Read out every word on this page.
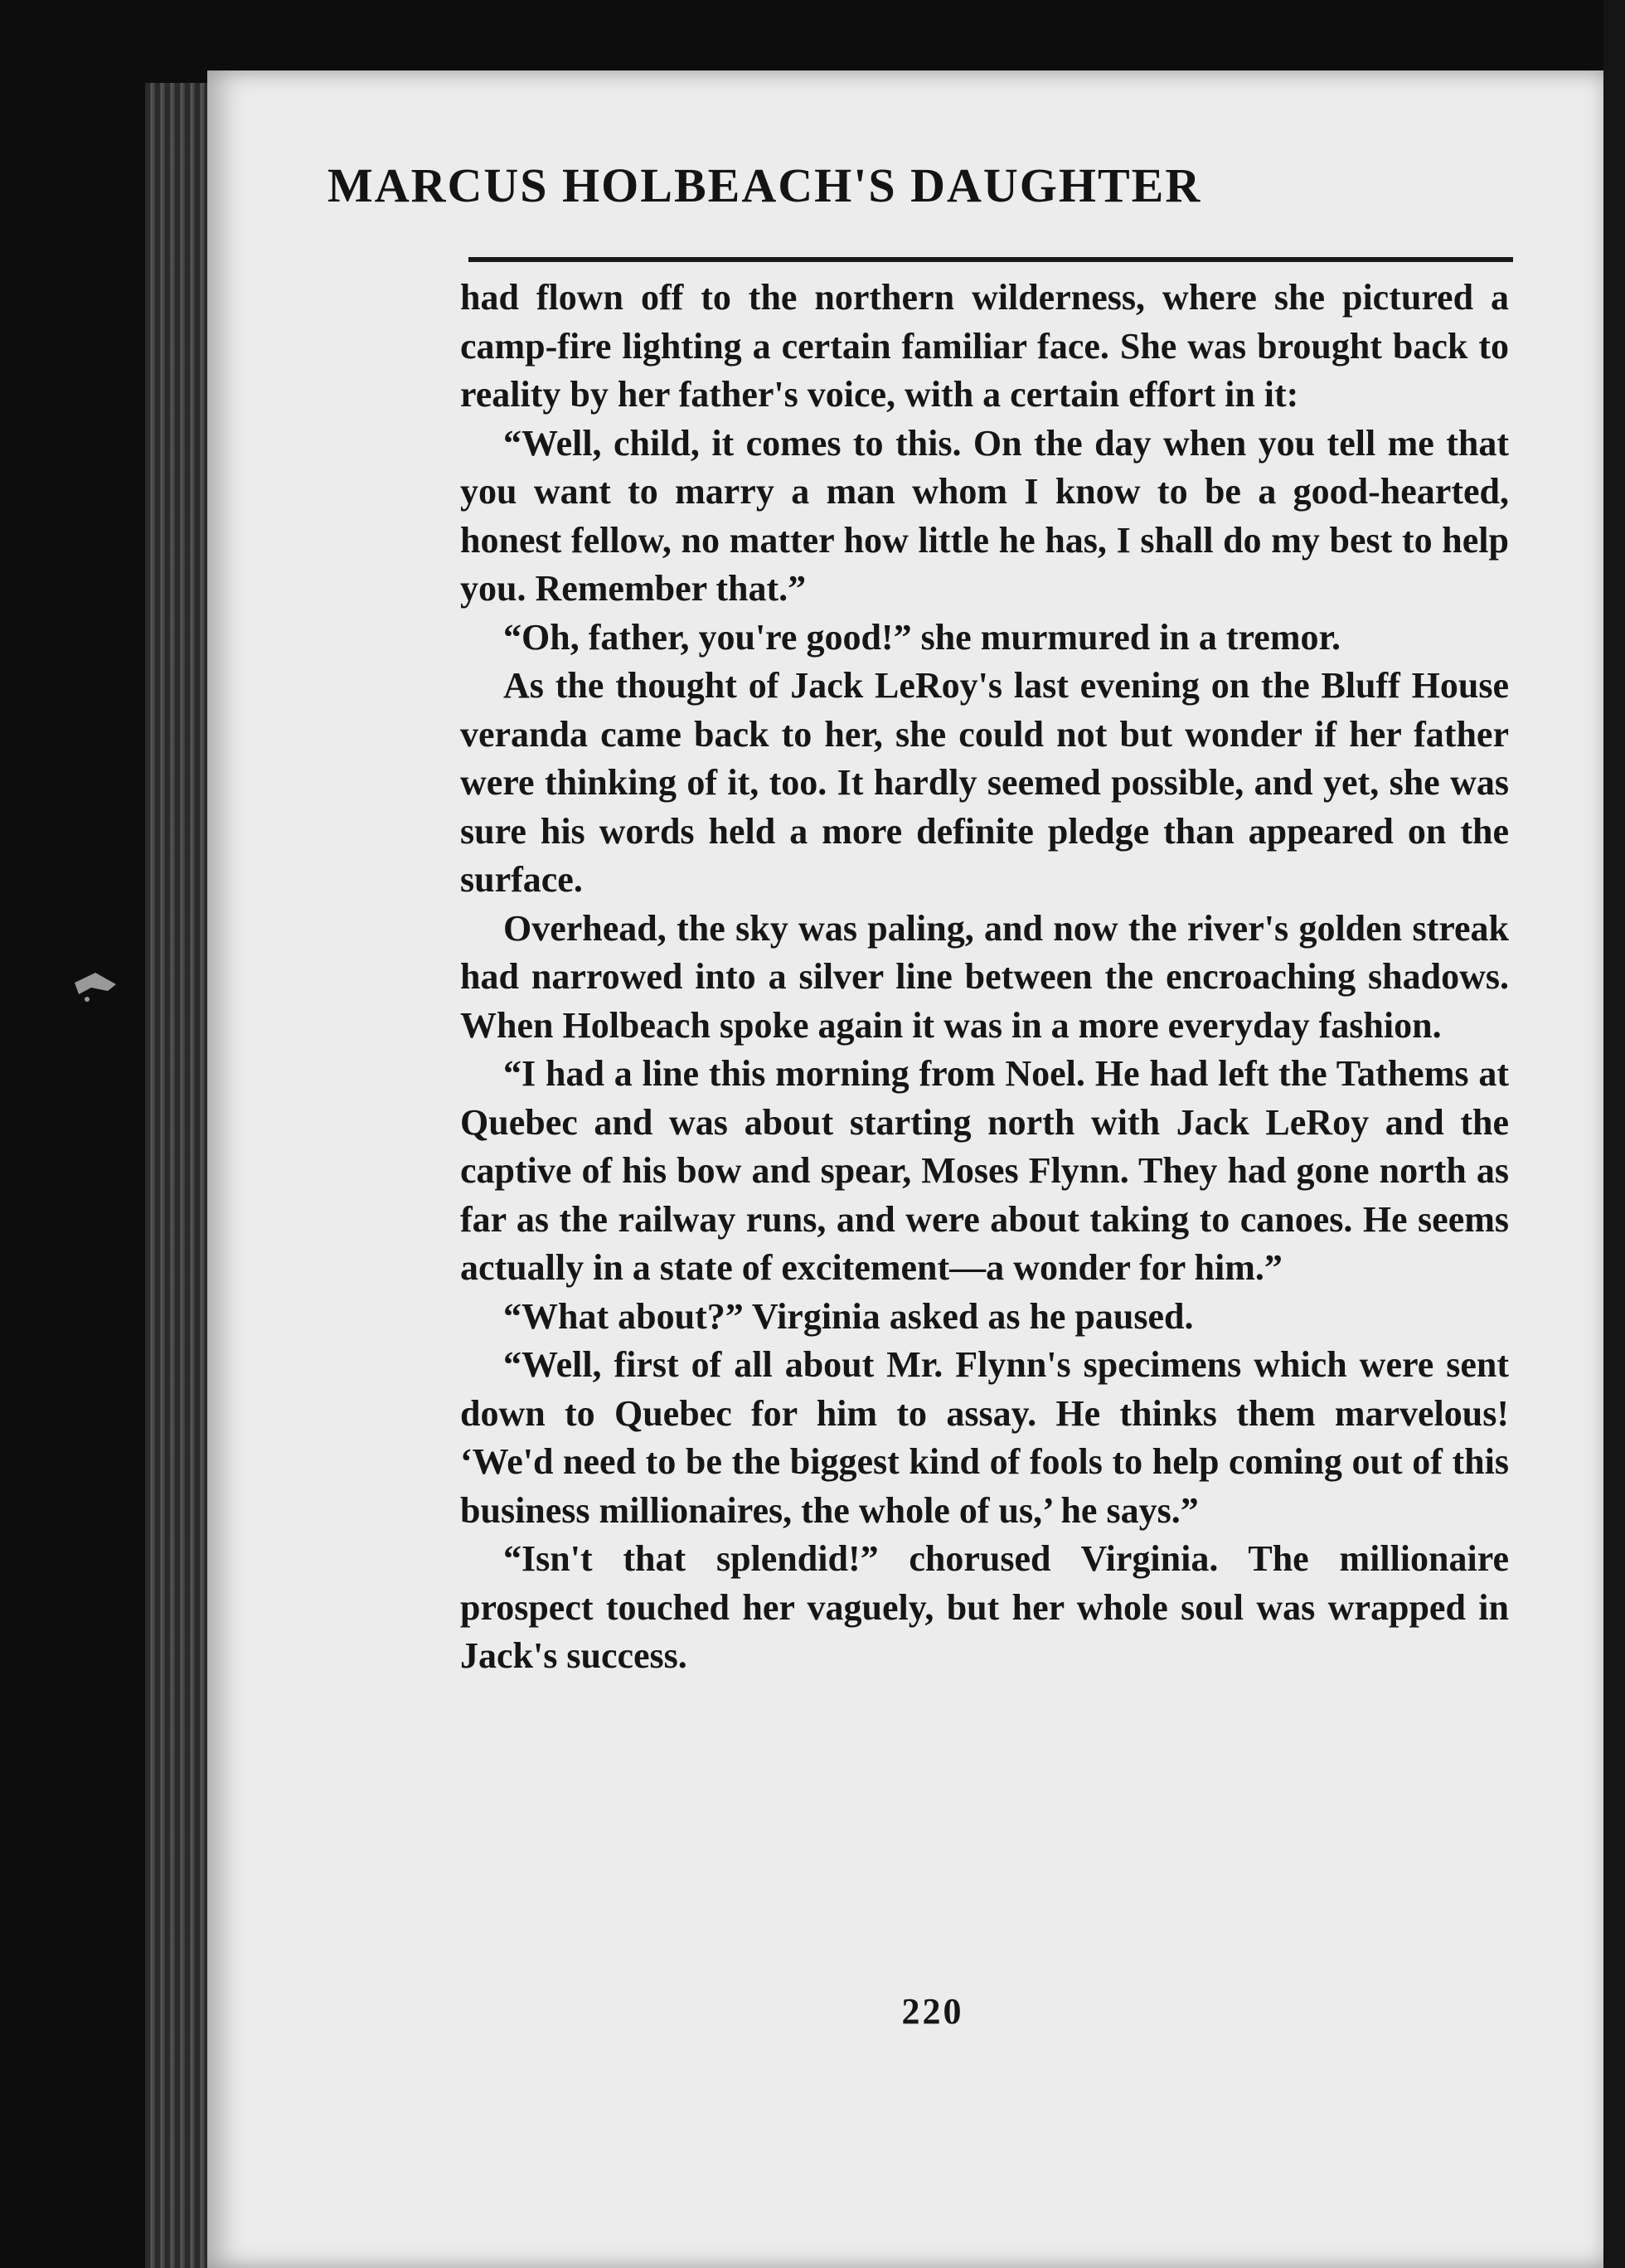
MARCUS HOLBEACH'S DAUGHTER

had flown off to the northern wilderness, where she pictured a camp-fire lighting a certain familiar face. She was brought back to reality by her father's voice, with a certain effort in it:

“Well, child, it comes to this. On the day when you tell me that you want to marry a man whom I know to be a good-hearted, honest fellow, no matter how little he has, I shall do my best to help you. Remember that.”

“Oh, father, you're good!” she murmured in a tremor.

As the thought of Jack LeRoy's last evening on the Bluff House veranda came back to her, she could not but wonder if her father were thinking of it, too. It hardly seemed possible, and yet, she was sure his words held a more definite pledge than appeared on the surface.

Overhead, the sky was paling, and now the river's golden streak had narrowed into a silver line between the encroaching shadows. When Holbeach spoke again it was in a more everyday fashion.

“I had a line this morning from Noel. He had left the Tathems at Quebec and was about starting north with Jack LeRoy and the captive of his bow and spear, Moses Flynn. They had gone north as far as the railway runs, and were about taking to canoes. He seems actually in a state of excitement—a wonder for him.”

“What about?” Virginia asked as he paused.

“Well, first of all about Mr. Flynn's specimens which were sent down to Quebec for him to assay. He thinks them marvelous! ‘We'd need to be the biggest kind of fools to help coming out of this business millionaires, the whole of us,’ he says.”

“Isn't that splendid!” chorused Virginia. The millionaire prospect touched her vaguely, but her whole soul was wrapped in Jack's success.

220
